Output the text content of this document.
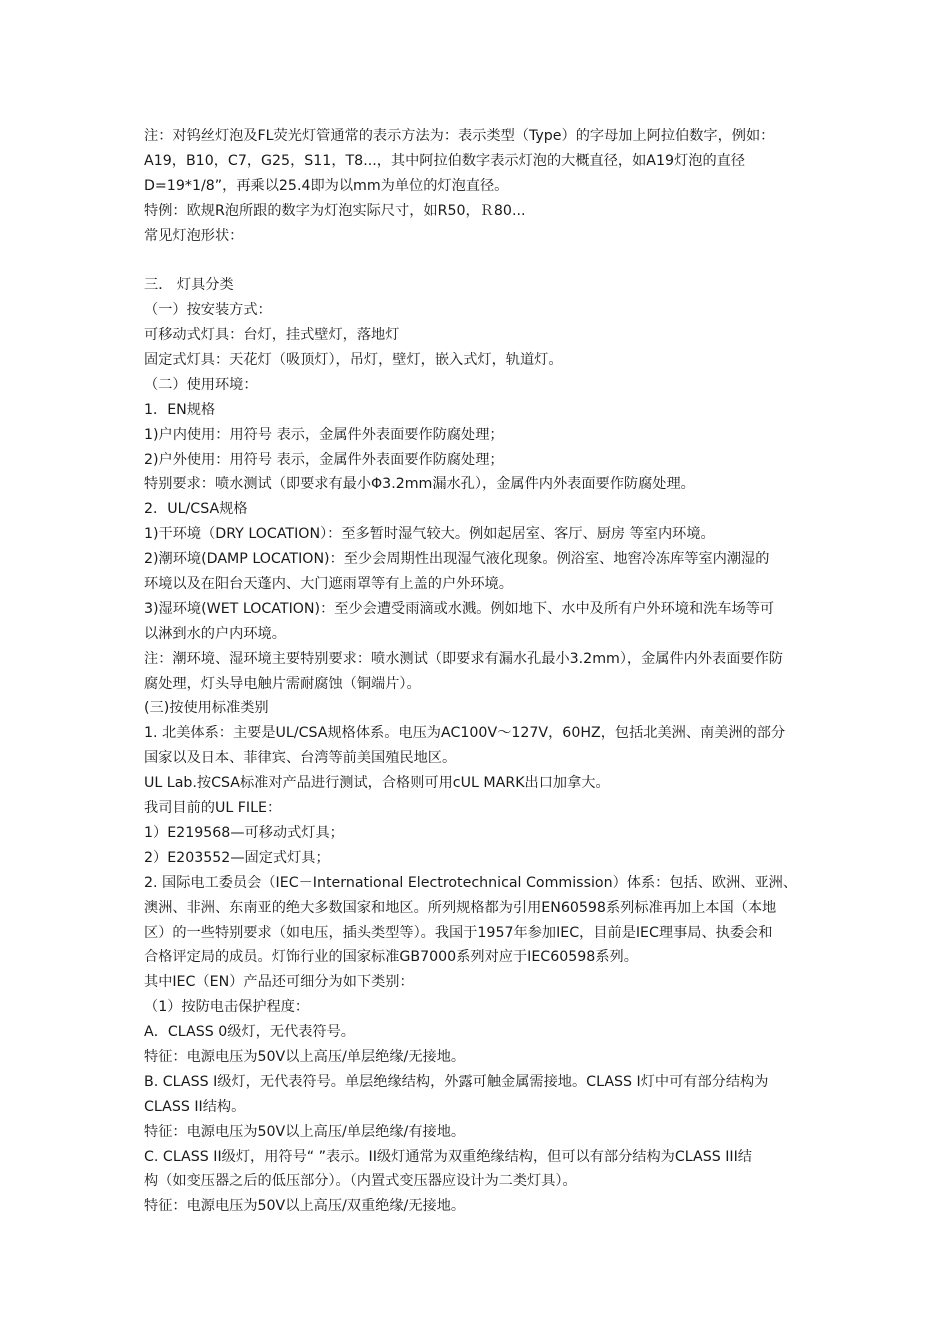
注：对钨丝灯泡及FL荧光灯管通常的表示方法为：表示类型（Type）的字母加上阿拉伯数字，例如：
A19，B10，C7，G25，S11，T8...，其中阿拉伯数字表示灯泡的大概直径，如A19灯泡的直径
D=19*1/8”，再乘以25.4即为以mm为单位的灯泡直径。
特例：欧规R泡所跟的数字为灯泡实际尺寸，如R50，Ｒ80...
常见灯泡形状：
三． 灯具分类
（一）按安装方式：
可移动式灯具：台灯，挂式壁灯，落地灯
固定式灯具：天花灯（吸顶灯），吊灯，壁灯，嵌入式灯，轨道灯。
（二）使用环境：
1．EN规格
1)户内使用：用符号 表示，金属件外表面要作防腐处理；
2)户外使用：用符号 表示，金属件外表面要作防腐处理；
特别要求：喷水测试（即要求有最小Φ3.2mm漏水孔），金属件内外表面要作防腐处理。
2．UL/CSA规格
1)干环境（DRY LOCATION）：至多暂时湿气较大。例如起居室、客厅、厨房 等室内环境。
2)潮环境(DAMP LOCATION)：至少会周期性出现湿气液化现象。例浴室、地窖冷冻库等室内潮湿的
环境以及在阳台天蓬内、大门遮雨罩等有上盖的户外环境。
3)湿环境(WET LOCATION)：至少会遭受雨滴或水溅。例如地下、水中及所有户外环境和洗车场等可
以淋到水的户内环境。
注：潮环境、湿环境主要特别要求：喷水测试（即要求有漏水孔最小3.2mm），金属件内外表面要作防
腐处理，灯头导电触片需耐腐蚀（铜端片）。
(三)按使用标准类别
1. 北美体系：主要是UL/CSA规格体系。电压为AC100V～127V，60HZ，包括北美洲、南美洲的部分
国家以及日本、菲律宾、台湾等前美国殖民地区。
UL Lab.按CSA标准对产品进行测试，合格则可用cUL MARK出口加拿大。
我司目前的UL FILE：
1）E219568—可移动式灯具；
2）E203552—固定式灯具；
2. 国际电工委员会（IEC－International Electrotechnical Commission）体系：包括、欧洲、亚洲、
澳洲、非洲、东南亚的绝大多数国家和地区。所列规格都为引用EN60598系列标准再加上本国（本地
区）的一些特别要求（如电压，插头类型等）。我国于1957年参加IEC，目前是IEC理事局、执委会和
合格评定局的成员。灯饰行业的国家标准GB7000系列对应于IEC60598系列。
其中IEC（EN）产品还可细分为如下类别：
（1）按防电击保护程度：
A．CLASS 0级灯，无代表符号。
特征：电源电压为50V以上高压/单层绝缘/无接地。
B. CLASS I级灯，无代表符号。单层绝缘结构，外露可触金属需接地。CLASS I灯中可有部分结构为
CLASS II结构。
特征：电源电压为50V以上高压/单层绝缘/有接地。
C. CLASS II级灯，用符号“ ”表示。II级灯通常为双重绝缘结构，但可以有部分结构为CLASS III结
构（如变压器之后的低压部分）。（内置式变压器应设计为二类灯具）。
特征：电源电压为50V以上高压/双重绝缘/无接地。
